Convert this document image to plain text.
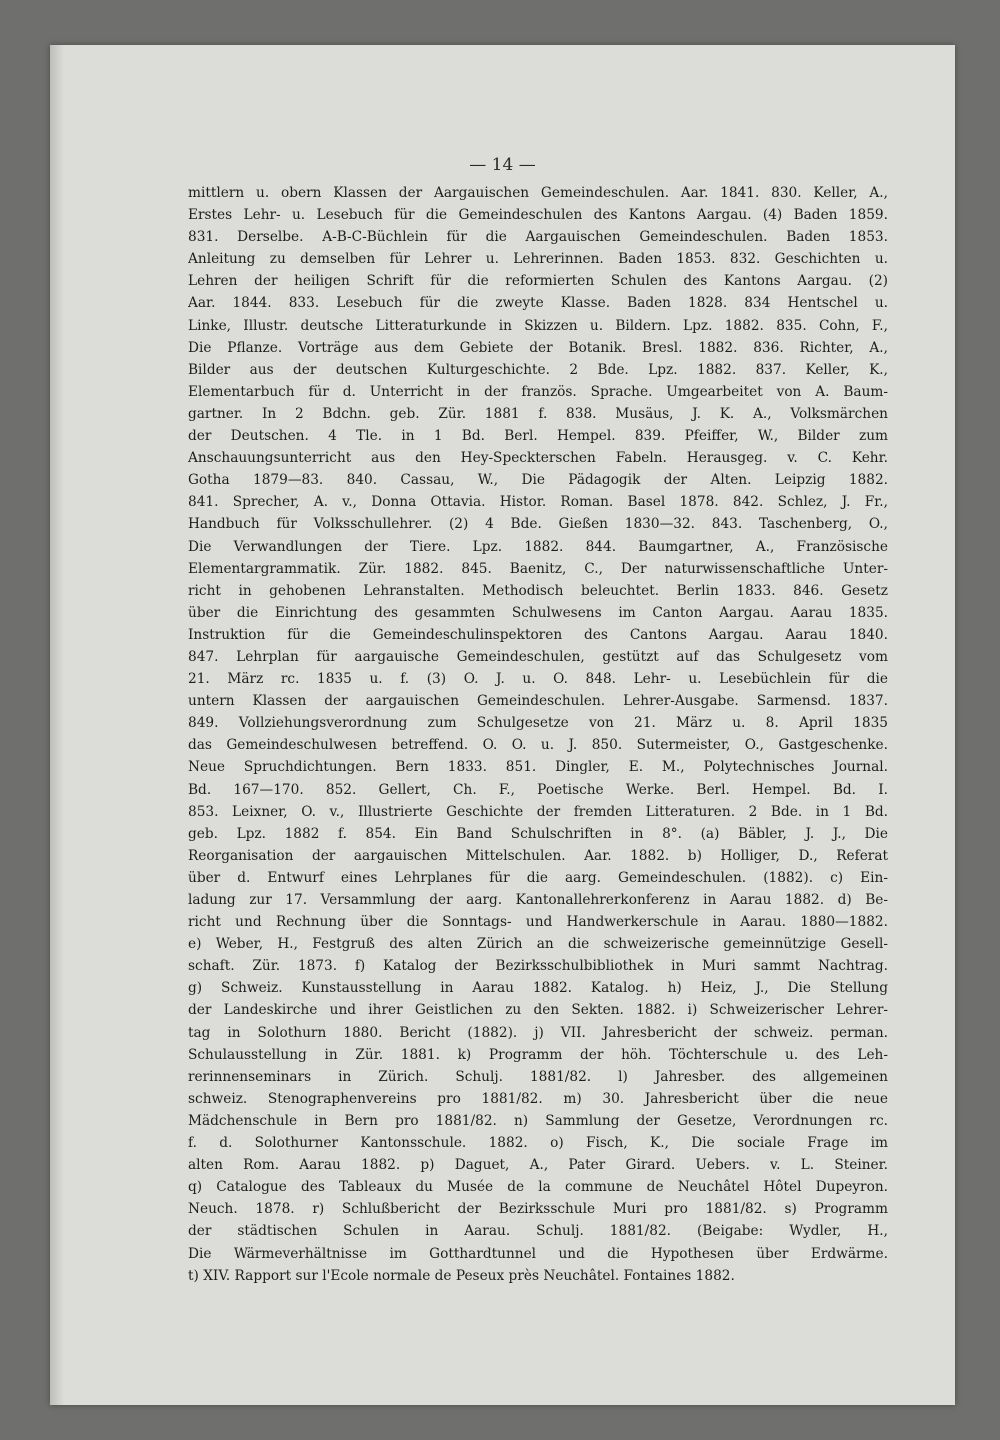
— 14 —
mittlern u. obern Klassen der Aargauischen Gemeindeschulen. Aar. 1841. 830. Keller, A.,
Erstes Lehr- u. Lesebuch für die Gemeindeschulen des Kantons Aargau. (4) Baden 1859.
831. Derselbe. A-B-C-Büchlein für die Aargauischen Gemeindeschulen. Baden 1853.
Anleitung zu demselben für Lehrer u. Lehrerinnen. Baden 1853. 832. Geschichten u.
Lehren der heiligen Schrift für die reformierten Schulen des Kantons Aargau. (2)
Aar. 1844. 833. Lesebuch für die zweyte Klasse. Baden 1828. 834 Hentschel u.
Linke, Illustr. deutsche Litteraturkunde in Skizzen u. Bildern. Lpz. 1882. 835. Cohn, F.,
Die Pflanze. Vorträge aus dem Gebiete der Botanik. Bresl. 1882. 836. Richter, A.,
Bilder aus der deutschen Kulturgeschichte. 2 Bde. Lpz. 1882. 837. Keller, K.,
Elementarbuch für d. Unterricht in der französ. Sprache. Umgearbeitet von A. Baum-
gartner. In 2 Bdchn. geb. Zür. 1881 f. 838. Musäus, J. K. A., Volksmärchen
der Deutschen. 4 Tle. in 1 Bd. Berl. Hempel. 839. Pfeiffer, W., Bilder zum
Anschauungsunterricht aus den Hey-Speckterschen Fabeln. Herausgeg. v. C. Kehr.
Gotha 1879—83. 840. Cassau, W., Die Pädagogik der Alten. Leipzig 1882.
841. Sprecher, A. v., Donna Ottavia. Histor. Roman. Basel 1878. 842. Schlez, J. Fr.,
Handbuch für Volksschullehrer. (2) 4 Bde. Gießen 1830—32. 843. Taschenberg, O.,
Die Verwandlungen der Tiere. Lpz. 1882. 844. Baumgartner, A., Französische
Elementargrammatik. Zür. 1882. 845. Baenitz, C., Der naturwissenschaftliche Unter-
richt in gehobenen Lehranstalten. Methodisch beleuchtet. Berlin 1833. 846. Gesetz
über die Einrichtung des gesammten Schulwesens im Canton Aargau. Aarau 1835.
Instruktion für die Gemeindeschulinspektoren des Cantons Aargau. Aarau 1840.
847. Lehrplan für aargauische Gemeindeschulen, gestützt auf das Schulgesetz vom
21. März rc. 1835 u. f. (3) O. J. u. O. 848. Lehr- u. Lesebüchlein für die
untern Klassen der aargauischen Gemeindeschulen. Lehrer-Ausgabe. Sarmensd. 1837.
849. Vollziehungsverordnung zum Schulgesetze von 21. März u. 8. April 1835
das Gemeindeschulwesen betreffend. O. O. u. J. 850. Sutermeister, O., Gastgeschenke.
Neue Spruchdichtungen. Bern 1833. 851. Dingler, E. M., Polytechnisches Journal.
Bd. 167—170. 852. Gellert, Ch. F., Poetische Werke. Berl. Hempel. Bd. I.
853. Leixner, O. v., Illustrierte Geschichte der fremden Litteraturen. 2 Bde. in 1 Bd.
geb. Lpz. 1882 f. 854. Ein Band Schulschriften in 8°. (a) Bäbler, J. J., Die
Reorganisation der aargauischen Mittelschulen. Aar. 1882. b) Holliger, D., Referat
über d. Entwurf eines Lehrplanes für die aarg. Gemeindeschulen. (1882). c) Ein-
ladung zur 17. Versammlung der aarg. Kantonallehrerkonferenz in Aarau 1882. d) Be-
richt und Rechnung über die Sonntags- und Handwerkerschule in Aarau. 1880—1882.
e) Weber, H., Festgruß des alten Zürich an die schweizerische gemeinnützige Gesell-
schaft. Zür. 1873. f) Katalog der Bezirksschulbibliothek in Muri sammt Nachtrag.
g) Schweiz. Kunstausstellung in Aarau 1882. Katalog. h) Heiz, J., Die Stellung
der Landeskirche und ihrer Geistlichen zu den Sekten. 1882. i) Schweizerischer Lehrer-
tag in Solothurn 1880. Bericht (1882). j) VII. Jahresbericht der schweiz. perman.
Schulausstellung in Zür. 1881. k) Programm der höh. Töchterschule u. des Leh-
rerinnenseminars in Zürich. Schulj. 1881/82. l) Jahresber. des allgemeinen
schweiz. Stenographenvereins pro 1881/82. m) 30. Jahresbericht über die neue
Mädchenschule in Bern pro 1881/82. n) Sammlung der Gesetze, Verordnungen rc.
f. d. Solothurner Kantonsschule. 1882. o) Fisch, K., Die sociale Frage im
alten Rom. Aarau 1882. p) Daguet, A., Pater Girard. Uebers. v. L. Steiner.
q) Catalogue des Tableaux du Musée de la commune de Neuchâtel Hôtel Dupeyron.
Neuch. 1878. r) Schlußbericht der Bezirksschule Muri pro 1881/82. s) Programm
der städtischen Schulen in Aarau. Schulj. 1881/82. (Beigabe: Wydler, H.,
Die Wärmeverhältnisse im Gotthardtunnel und die Hypothesen über Erdwärme.
t) XIV. Rapport sur l'Ecole normale de Peseux près Neuchâtel. Fontaines 1882.
